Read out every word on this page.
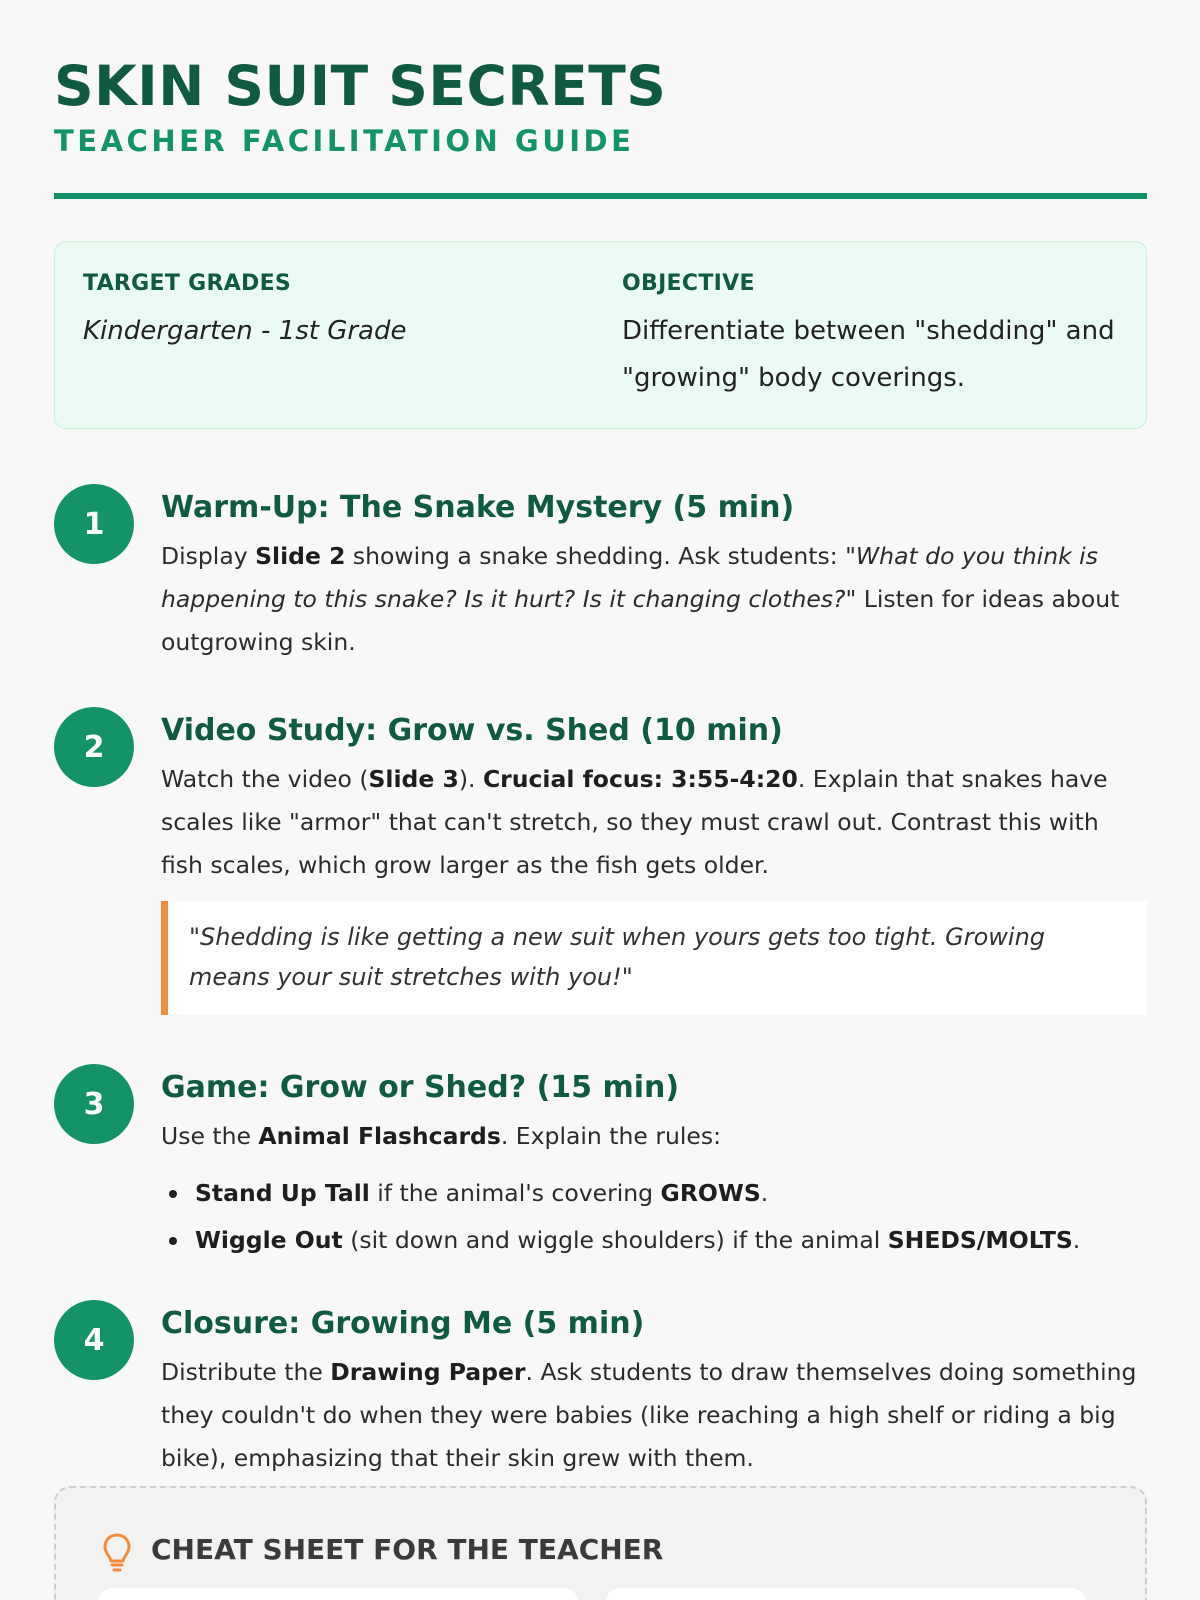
SKIN SUIT SECRETS
TEACHER FACILITATION GUIDE
TARGET GRADES
Kindergarten - 1st Grade
OBJECTIVE
Differentiate between "shedding" and "growing" body coverings.
1	Warm-Up: The Snake Mystery (5 min)
Display Slide 2 showing a snake shedding. Ask students: "What do you think is happening to this snake? Is it hurt? Is it changing clothes?" Listen for ideas about outgrowing skin.
2	Video Study: Grow vs. Shed (10 min)
Watch the video (Slide 3). Crucial focus: 3:55-4:20. Explain that snakes have scales like "armor" that can't stretch, so they must crawl out. Contrast this with fish scales, which grow larger as the fish gets older.
"Shedding is like getting a new suit when yours gets too tight. Growing means your suit stretches with you!"
3	Game: Grow or Shed? (15 min)
Use the Animal Flashcards. Explain the rules:
Stand Up Tall if the animal's covering GROWS.
Wiggle Out (sit down and wiggle shoulders) if the animal SHEDS/MOLTS.
4	Closure: Growing Me (5 min)
Distribute the Drawing Paper. Ask students to draw themselves doing something they couldn't do when they were babies (like reaching a high shelf or riding a big bike), emphasizing that their skin grew with them.
CHEAT SHEET FOR THE TEACHER
